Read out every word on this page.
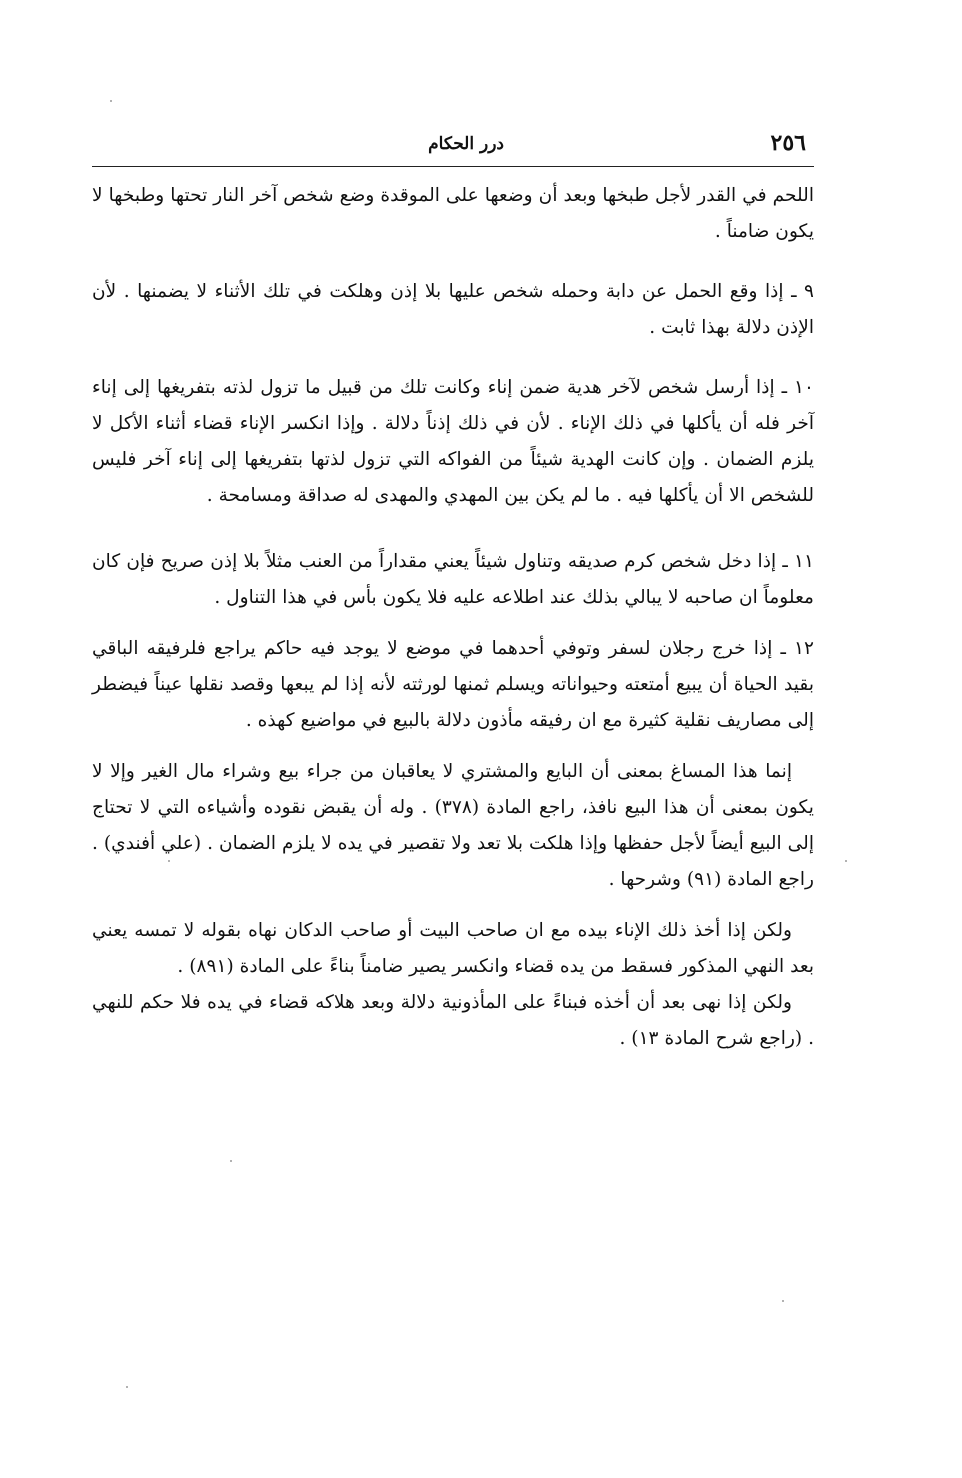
٢٥٦
درر الحكام

اللحم في القدر لأجل طبخها وبعد أن وضعها على الموقدة وضع شخص آخر النار تحتها وطبخها لا يكون ضامناً .

٩ ـ إذا وقع الحمل عن دابة وحمله شخص عليها بلا إذن وهلكت في تلك الأثناء لا يضمنها . لأن الإذن دلالة بهذا ثابت .

١٠ ـ إذا أرسل شخص لآخر هدية ضمن إناء وكانت تلك من قبيل ما تزول لذته بتفريغها إلى إناء آخر فله أن يأكلها في ذلك الإناء . لأن في ذلك إذناً دلالة . وإذا انكسر الإناء قضاء أثناء الأكل لا يلزم الضمان . وإن كانت الهدية شيئاً من الفواكه التي تزول لذتها بتفريغها إلى إناء آخر فليس للشخص الا أن يأكلها فيه . ما لم يكن بين المهدي والمهدى له صداقة ومسامحة .

١١ ـ إذا دخل شخص كرم صديقه وتناول شيئاً يعني مقداراً من العنب مثلاً بلا إذن صريح فإن كان معلوماً ان صاحبه لا يبالي بذلك عند اطلاعه عليه فلا يكون بأس في هذا التناول .

١٢ ـ إذا خرج رجلان لسفر وتوفي أحدهما في موضع لا يوجد فيه حاكم يراجع فلرفيقه الباقي بقيد الحياة أن يبيع أمتعته وحيواناته ويسلم ثمنها لورثته لأنه إذا لم يبعها وقصد نقلها عيناً فيضطر إلى مصاريف نقلية كثيرة مع ان رفيقه مأذون دلالة بالبيع في مواضيع كهذه .

إنما هذا المساغ بمعنى أن البايع والمشتري لا يعاقبان من جراء بيع وشراء مال الغير وإلا لا يكون بمعنى أن هذا البيع نافذ، راجع المادة (٣٧٨) . وله أن يقبض نقوده وأشياءه التي لا تحتاج إلى البيع أيضاً لأجل حفظها وإذا هلكت بلا تعد ولا تقصير في يده لا يلزم الضمان . (علي أفندي) . راجع المادة (٩١) وشرحها .

ولكن إذا أخذ ذلك الإناء بيده مع ان صاحب البيت أو صاحب الدكان نهاه بقوله لا تمسه يعني بعد النهي المذكور فسقط من يده قضاء وانكسر يصير ضامناً بناءً على المادة (٨٩١) .

ولكن إذا نهى بعد أن أخذه فبناءً على المأذونية دلالة وبعد هلاكه قضاء في يده فلا حكم للنهي . (راجع شرح المادة ١٣) .
